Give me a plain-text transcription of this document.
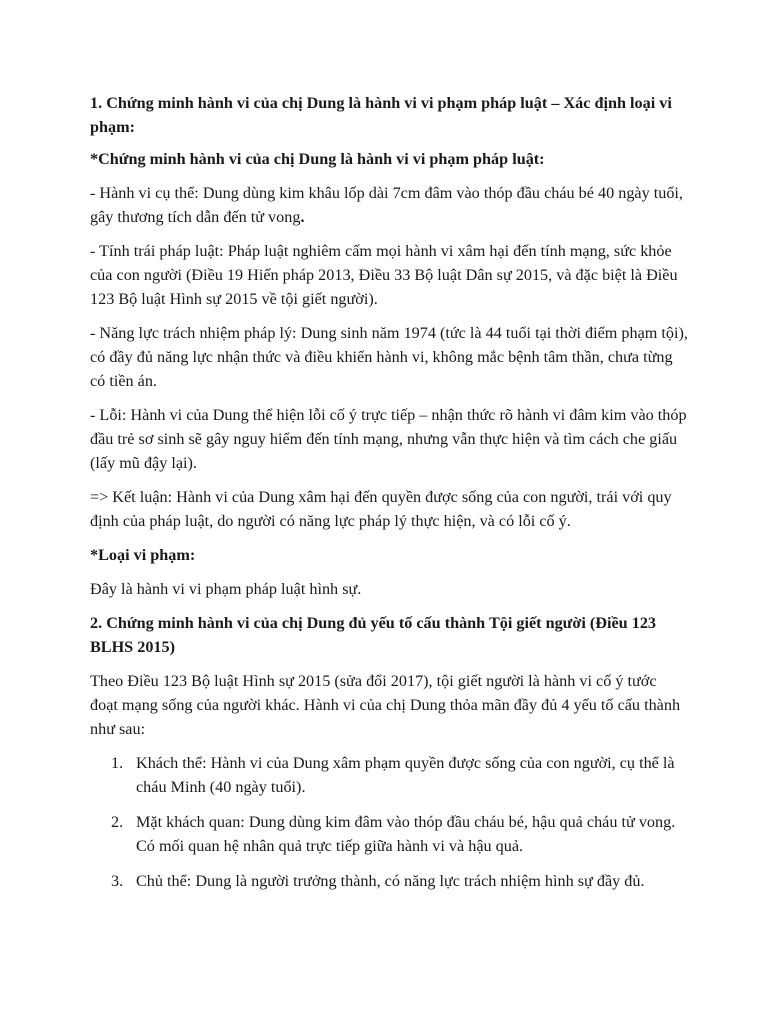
1. Chứng minh hành vi của chị Dung là hành vi vi phạm pháp luật – Xác định loại vi phạm:

*Chứng minh hành vi của chị Dung là hành vi vi phạm pháp luật:

- Hành vi cụ thể: Dung dùng kim khâu lốp dài 7cm đâm vào thóp đầu cháu bé 40 ngày tuổi, gây thương tích dẫn đến tử vong.

- Tính trái pháp luật: Pháp luật nghiêm cấm mọi hành vi xâm hại đến tính mạng, sức khỏe của con người (Điều 19 Hiến pháp 2013, Điều 33 Bộ luật Dân sự 2015, và đặc biệt là Điều 123 Bộ luật Hình sự 2015 về tội giết người).

- Năng lực trách nhiệm pháp lý: Dung sinh năm 1974 (tức là 44 tuổi tại thời điểm phạm tội), có đầy đủ năng lực nhận thức và điều khiển hành vi, không mắc bệnh tâm thần, chưa từng có tiền án.

- Lỗi: Hành vi của Dung thể hiện lỗi cố ý trực tiếp – nhận thức rõ hành vi đâm kim vào thóp đầu trẻ sơ sinh sẽ gây nguy hiểm đến tính mạng, nhưng vẫn thực hiện và tìm cách che giấu (lấy mũ đậy lại).

=> Kết luận: Hành vi của Dung xâm hại đến quyền được sống của con người, trái với quy định của pháp luật, do người có năng lực pháp lý thực hiện, và có lỗi cố ý.

*Loại vi phạm:

Đây là hành vi vi phạm pháp luật hình sự.

2. Chứng minh hành vi của chị Dung đủ yếu tố cấu thành Tội giết người (Điều 123 BLHS 2015)

Theo Điều 123 Bộ luật Hình sự 2015 (sửa đổi 2017), tội giết người là hành vi cố ý tước đoạt mạng sống của người khác. Hành vi của chị Dung thỏa mãn đầy đủ 4 yếu tố cấu thành như sau:

1. Khách thể: Hành vi của Dung xâm phạm quyền được sống của con người, cụ thể là cháu Minh (40 ngày tuổi).
2. Mặt khách quan: Dung dùng kim đâm vào thóp đầu cháu bé, hậu quả cháu tử vong. Có mối quan hệ nhân quả trực tiếp giữa hành vi và hậu quả.
3. Chủ thể: Dung là người trưởng thành, có năng lực trách nhiệm hình sự đầy đủ.
